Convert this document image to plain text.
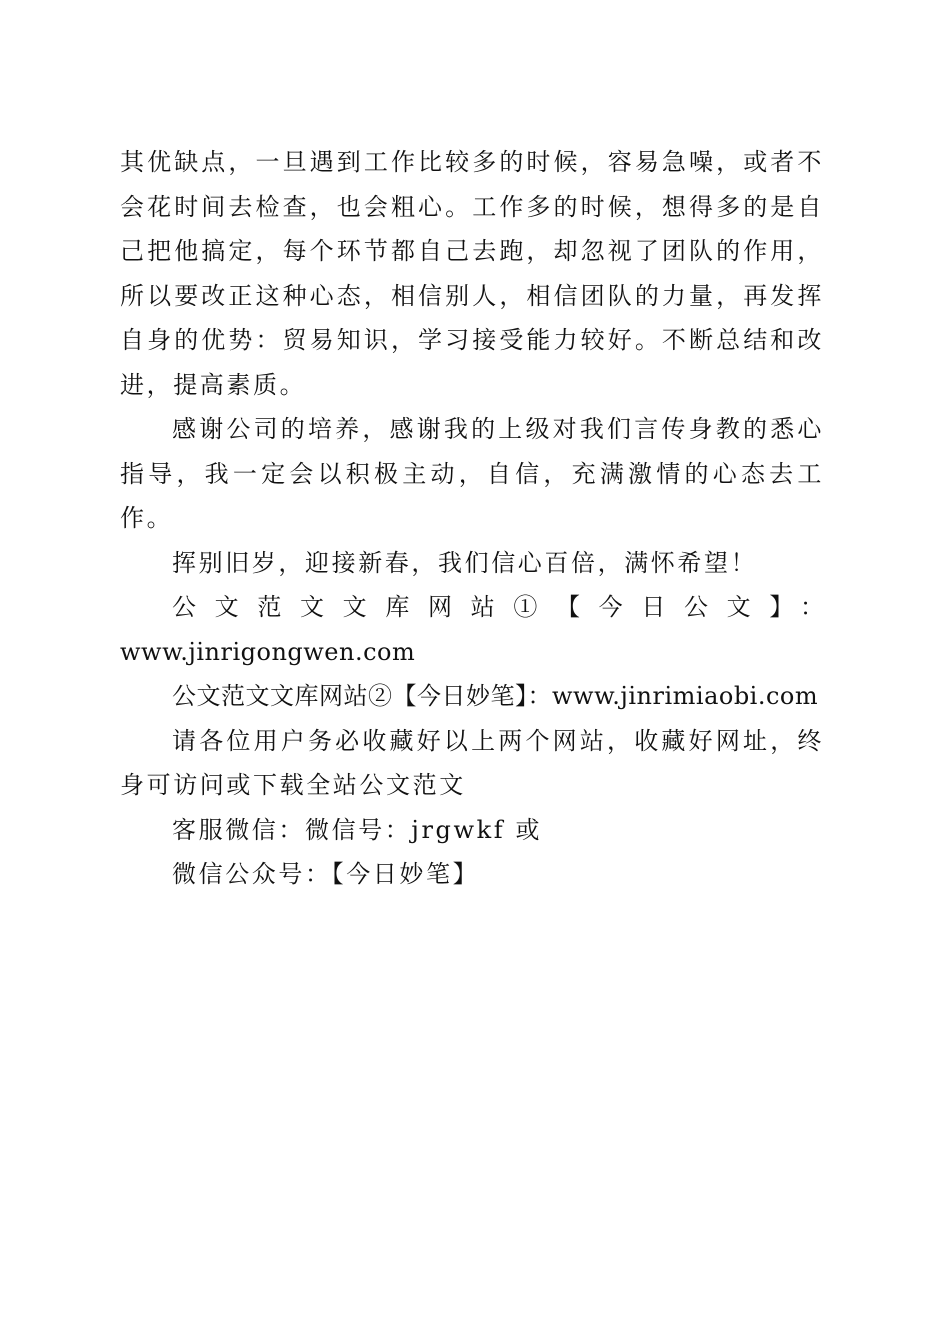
其优缺点，一旦遇到工作比较多的时候，容易急噪，或者不会花时间去检查，也会粗心。工作多的时候，想得多的是自己把他搞定，每个环节都自己去跑，却忽视了团队的作用，所以要改正这种心态，相信别人，相信团队的力量，再发挥自身的优势：贸易知识，学习接受能力较好。不断总结和改进，提高素质。

感谢公司的培养，感谢我的上级对我们言传身教的悉心指导，我一定会以积极主动，自信，充满激情的心态去工作。

挥别旧岁，迎接新春，我们信心百倍，满怀希望！

公文范文文库网站①【今日公文】：

www.jinrigongwen.com

公文范文文库网站②【今日妙笔】：www.jinrimiaobi.com

请各位用户务必收藏好以上两个网站，收藏好网址，终身可访问或下载全站公文范文

客服微信：微信号：jrgwkf 或

微信公众号：【今日妙笔】
